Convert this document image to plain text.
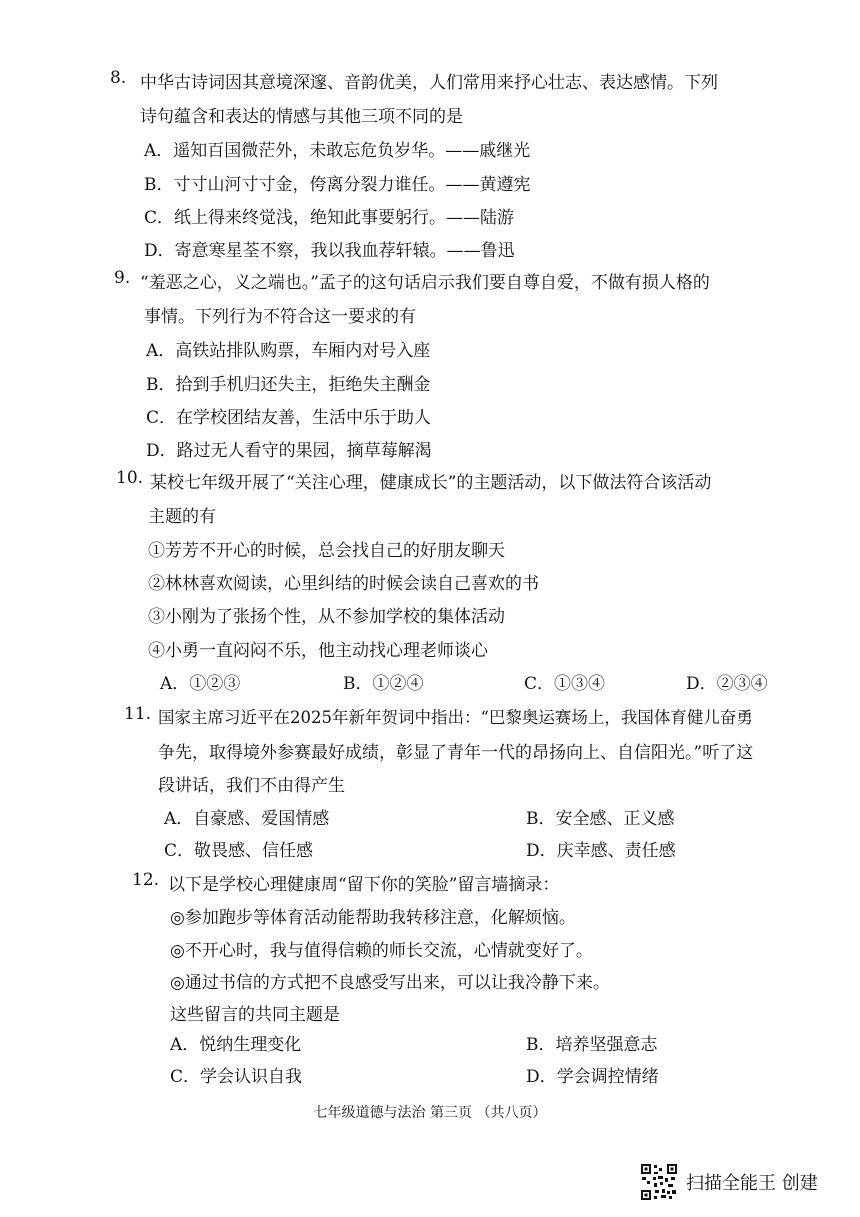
8. 中华古诗词因其意境深邃、音韵优美，人们常用来抒心壮志、表达感情。下列
诗句蕴含和表达的情感与其他三项不同的是
A．遥知百国微茫外，未敢忘危负岁华。——戚继光
B．寸寸山河寸寸金，侉离分裂力谁任。——黄遵宪
C．纸上得来终觉浅，绝知此事要躬行。——陆游
D．寄意寒星荃不察，我以我血荐轩辕。——鲁迅
9. “羞恶之心，义之端也。”孟子的这句话启示我们要自尊自爱，不做有损人格的
事情。下列行为不符合这一要求的有
A．高铁站排队购票，车厢内对号入座
B．拾到手机归还失主，拒绝失主酬金
C．在学校团结友善，生活中乐于助人
D．路过无人看守的果园，摘草莓解渴
10. 某校七年级开展了“关注心理，健康成长”的主题活动，以下做法符合该活动
主题的有
①芳芳不开心的时候，总会找自己的好朋友聊天
②林林喜欢阅读，心里纠结的时候会读自己喜欢的书
③小刚为了张扬个性，从不参加学校的集体活动
④小勇一直闷闷不乐，他主动找心理老师谈心
A．①②③	B．①②④	C．①③④	D．②③④
11. 国家主席习近平在2025年新年贺词中指出：“巴黎奥运赛场上，我国体育健儿奋勇
争先，取得境外参赛最好成绩，彰显了青年一代的昂扬向上、自信阳光。”听了这
段讲话，我们不由得产生
A．自豪感、爱国情感	B．安全感、正义感
C．敬畏感、信任感	D．庆幸感、责任感
12. 以下是学校心理健康周“留下你的笑脸”留言墙摘录：
◎参加跑步等体育活动能帮助我转移注意，化解烦恼。
◎不开心时，我与值得信赖的师长交流，心情就变好了。
◎通过书信的方式把不良感受写出来，可以让我冷静下来。
这些留言的共同主题是
A．悦纳生理变化	B．培养坚强意志
C．学会认识自我	D．学会调控情绪
七年级道德与法治 第三页 （共八页）
扫描全能王 创建
